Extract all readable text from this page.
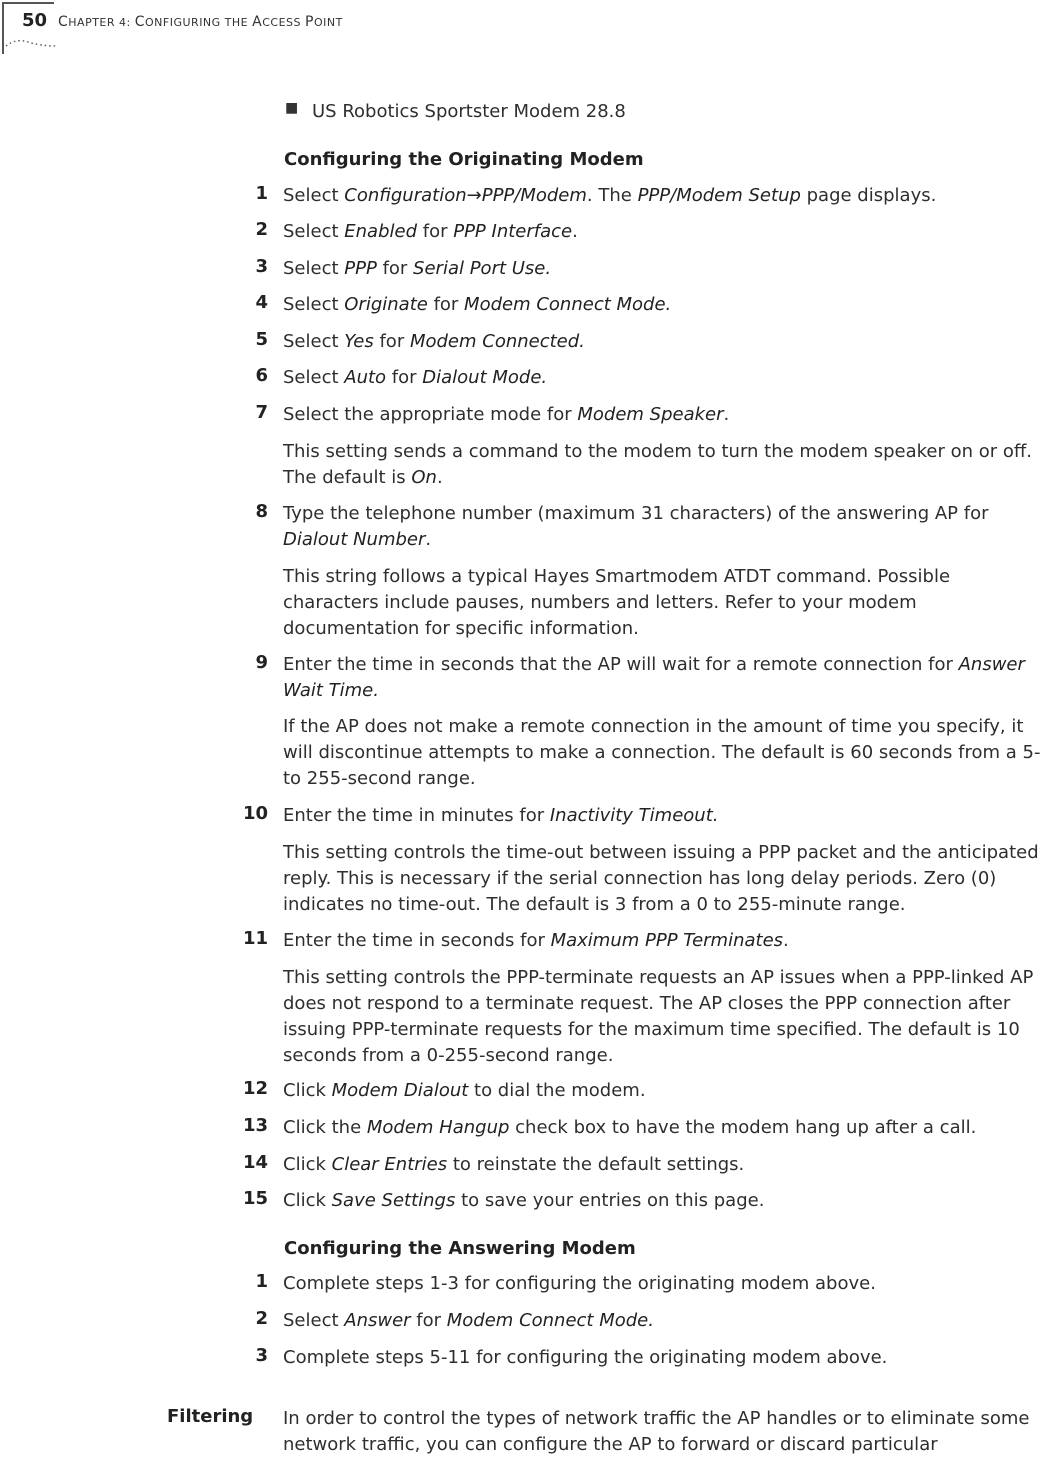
50 CHAPTER 4: CONFIGURING THE ACCESS POINT
■ US Robotics Sportster Modem 28.8
Configuring the Originating Modem
1 Select Configuration→PPP/Modem. The PPP/Modem Setup page displays.
2 Select Enabled for PPP Interface.
3 Select PPP for Serial Port Use.
4 Select Originate for Modem Connect Mode.
5 Select Yes for Modem Connected.
6 Select Auto for Dialout Mode.
7 Select the appropriate mode for Modem Speaker.
This setting sends a command to the modem to turn the modem speaker on or off. The default is On.
8 Type the telephone number (maximum 31 characters) of the answering AP for Dialout Number.
This string follows a typical Hayes Smartmodem ATDT command. Possible characters include pauses, numbers and letters. Refer to your modem documentation for specific information.
9 Enter the time in seconds that the AP will wait for a remote connection for Answer Wait Time.
If the AP does not make a remote connection in the amount of time you specify, it will discontinue attempts to make a connection. The default is 60 seconds from a 5- to 255-second range.
10 Enter the time in minutes for Inactivity Timeout.
This setting controls the time-out between issuing a PPP packet and the anticipated reply. This is necessary if the serial connection has long delay periods. Zero (0) indicates no time-out. The default is 3 from a 0 to 255-minute range.
11 Enter the time in seconds for Maximum PPP Terminates.
This setting controls the PPP-terminate requests an AP issues when a PPP-linked AP does not respond to a terminate request. The AP closes the PPP connection after issuing PPP-terminate requests for the maximum time specified. The default is 10 seconds from a 0-255-second range.
12 Click Modem Dialout to dial the modem.
13 Click the Modem Hangup check box to have the modem hang up after a call.
14 Click Clear Entries to reinstate the default settings.
15 Click Save Settings to save your entries on this page.
Configuring the Answering Modem
1 Complete steps 1-3 for configuring the originating modem above.
2 Select Answer for Modem Connect Mode.
3 Complete steps 5-11 for configuring the originating modem above.
Filtering In order to control the types of network traffic the AP handles or to eliminate some network traffic, you can configure the AP to forward or discard particular
